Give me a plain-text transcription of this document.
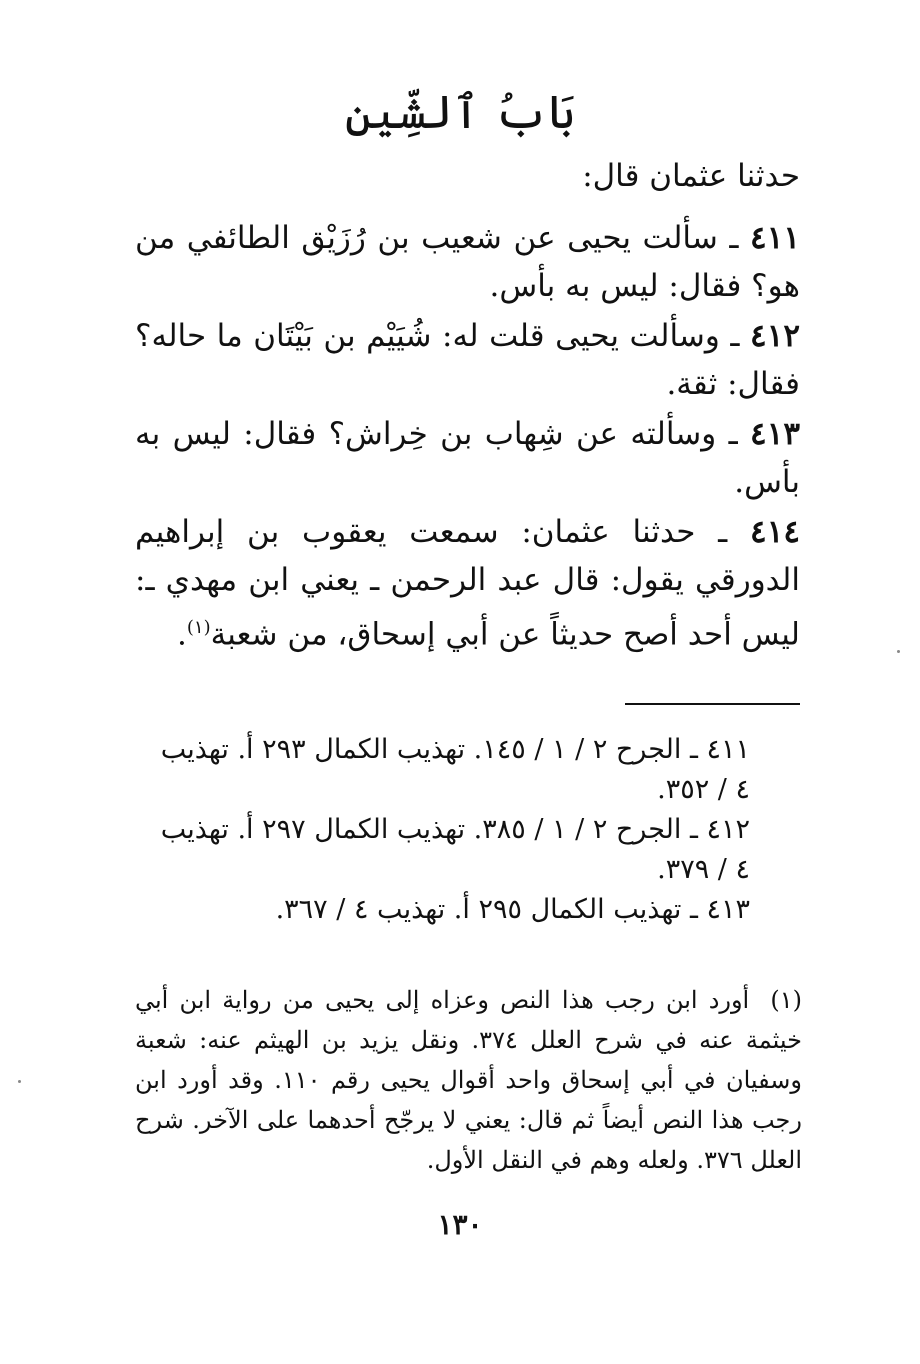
بَابُ ٱلشِّين
حدثنا عثمان قال:
٤١١ ـ سألت يحيى عن شعيب بن رُزَيْق الطائفي من هو؟ فقال: ليس به بأس.
٤١٢ ـ وسألت يحيى قلت له: شُيَيْم بن بَيْتَان ما حاله؟ فقال: ثقة.
٤١٣ ـ وسألته عن شِهاب بن خِراش؟ فقال: ليس به بأس.
٤١٤ ـ حدثنا عثمان: سمعت يعقوب بن إبراهيم الدورقي يقول: قال عبد الرحمن ـ يعني ابن مهدي ـ: ليس أحد أصح حديثاً عن أبي إسحاق، من شعبة$^{(١)}$.
٤١١ ـ الجرح ٢ / ١ / ١٤٥. تهذيب الكمال ٢٩٣ أ. تهذيب
٤ / ٣٥٢.
٤١٢ ـ الجرح ٢ / ١ / ٣٨٥. تهذيب الكمال ٢٩٧ أ. تهذيب
٤ / ٣٧٩.
٤١٣ ـ تهذيب الكمال ٢٩٥ أ. تهذيب ٤ / ٣٦٧.
(١) أورد ابن رجب هذا النص وعزاه إلى يحيى من رواية ابن أبي خيثمة عنه في شرح العلل ٣٧٤. ونقل يزيد بن الهيثم عنه: شعبة وسفيان في أبي إسحاق واحد أقوال يحيى رقم ١١٠. وقد أورد ابن رجب هذا النص أيضاً ثم قال: يعني لا يرجّح أحدهما على الآخر. شرح العلل ٣٧٦. ولعله وهم في النقل الأول.
١٣٠
